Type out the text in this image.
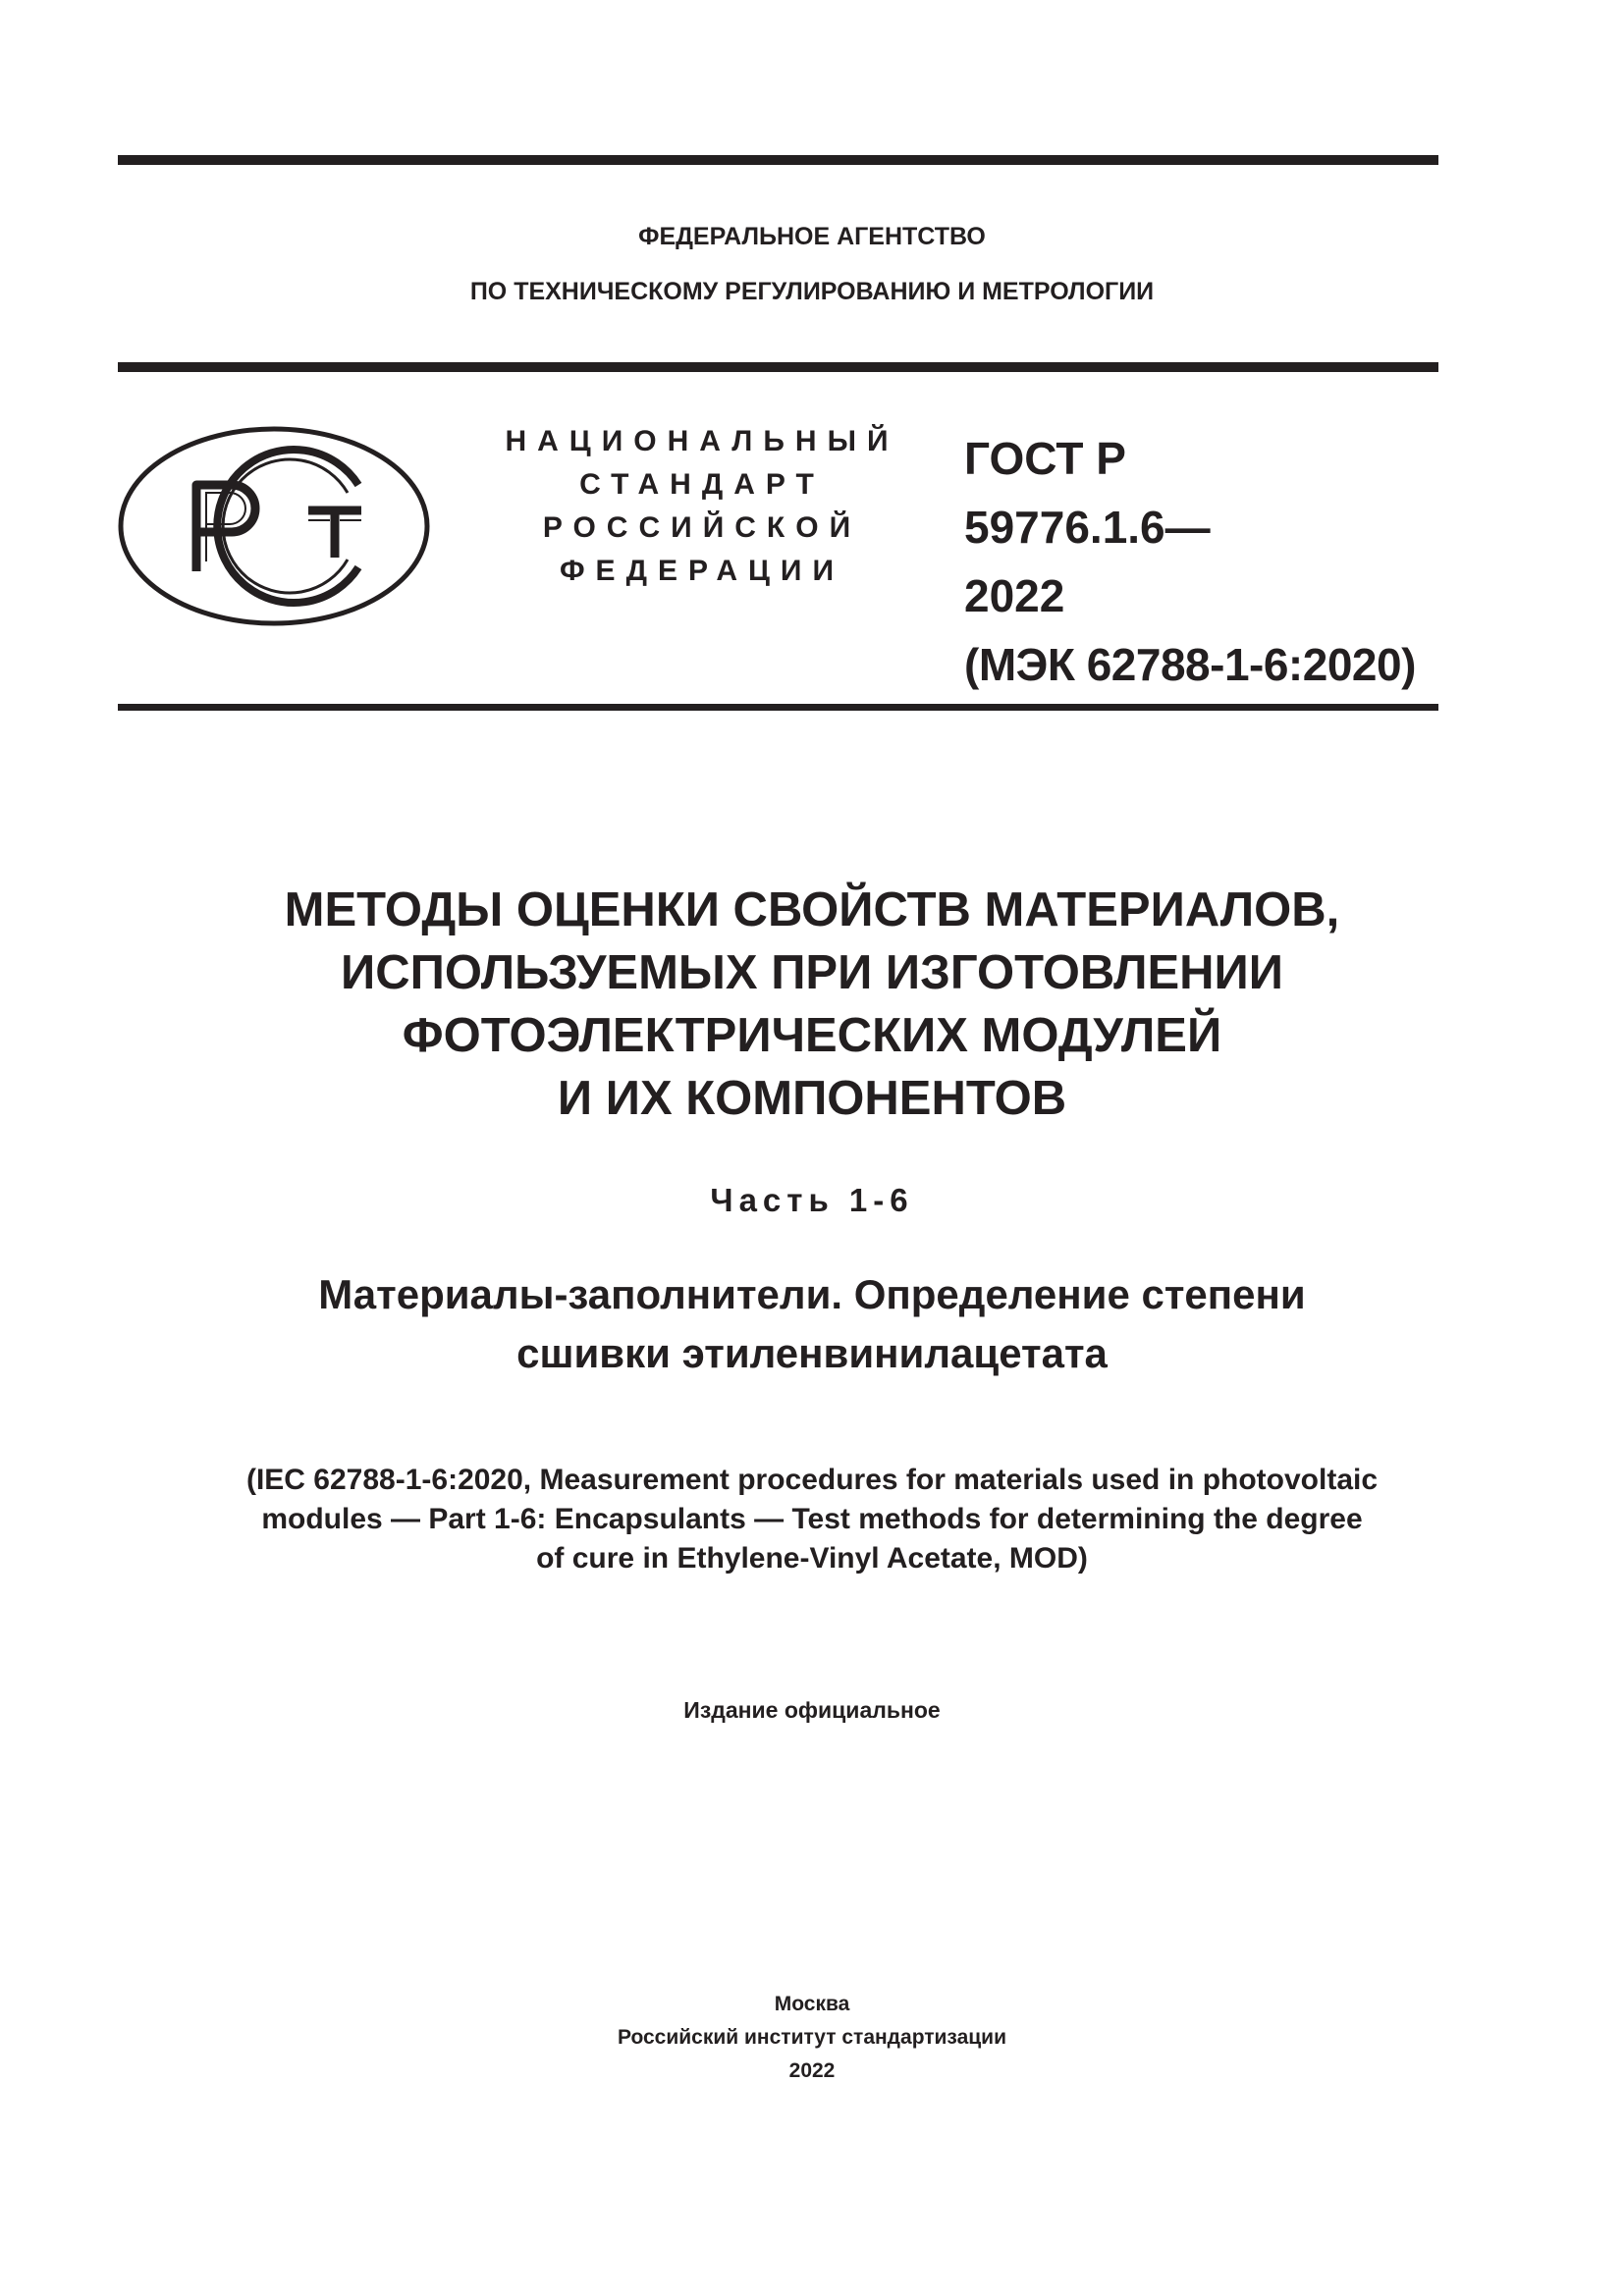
ФЕДЕРАЛЬНОЕ АГЕНТСТВО
ПО ТЕХНИЧЕСКОМУ РЕГУЛИРОВАНИЮ И МЕТРОЛОГИИ
НАЦИОНАЛЬНЫЙ
СТАНДАРТ
РОССИЙСКОЙ
ФЕДЕРАЦИИ
ГОСТ Р
59776.1.6—
2022
(МЭК 62788-1-6:2020)
МЕТОДЫ ОЦЕНКИ СВОЙСТВ МАТЕРИАЛОВ,
ИСПОЛЬЗУЕМЫХ ПРИ ИЗГОТОВЛЕНИИ
ФОТОЭЛЕКТРИЧЕСКИХ МОДУЛЕЙ
И ИХ КОМПОНЕНТОВ
Часть 1-6
Материалы-заполнители. Определение степени
сшивки этиленвинилацетата
(IEC 62788-1-6:2020, Measurement procedures for materials used in photovoltaic
modules — Part 1-6: Encapsulants — Test methods for determining the degree
of cure in Ethylene-Vinyl Acetate, MOD)
Издание официальное
Москва
Российский институт стандартизации
2022
